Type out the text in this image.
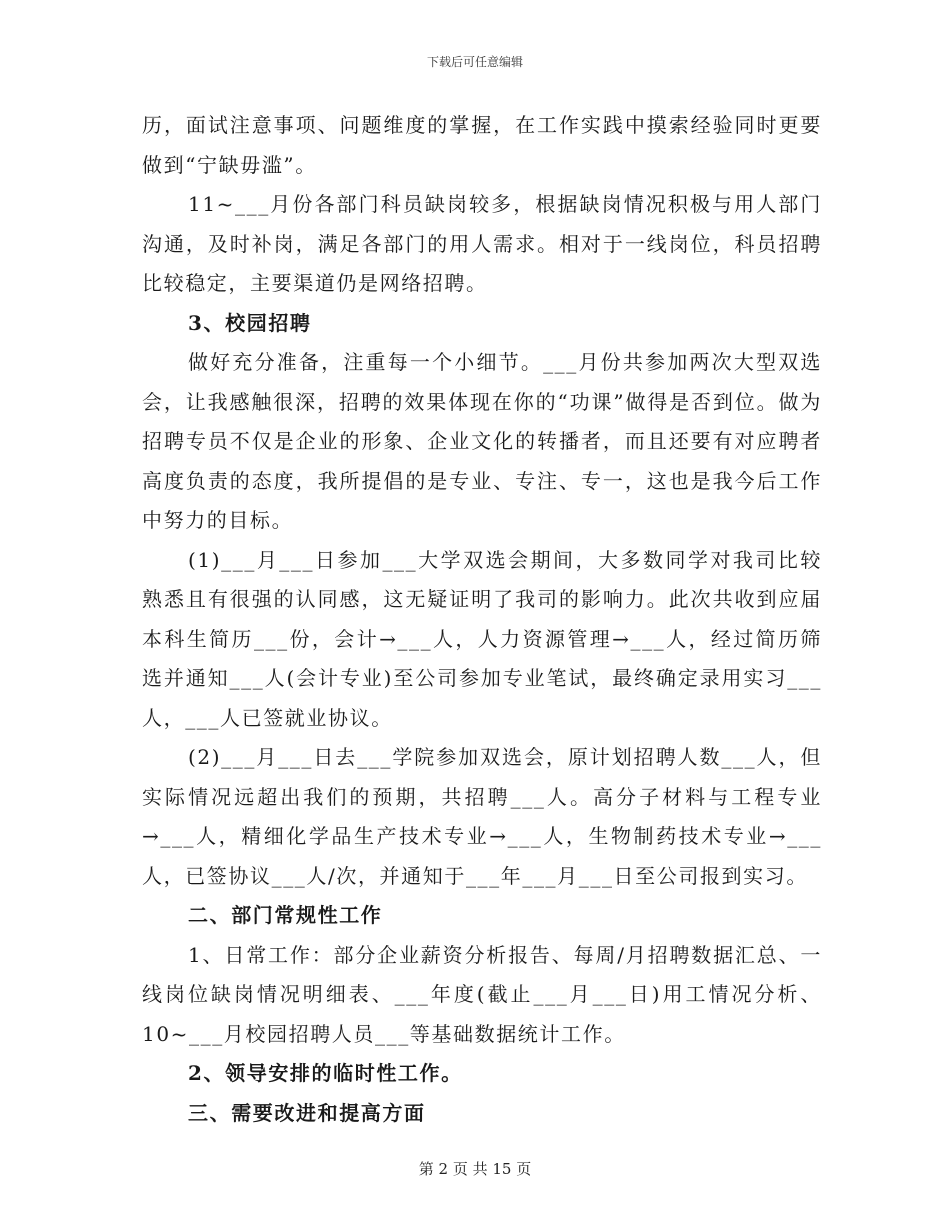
下载后可任意编辑

历，面试注意事项、问题维度的掌握，在工作实践中摸索经验同时更要做到“宁缺毋滥”。

11~___月份各部门科员缺岗较多，根据缺岗情况积极与用人部门沟通，及时补岗，满足各部门的用人需求。相对于一线岗位，科员招聘比较稳定，主要渠道仍是网络招聘。

3、校园招聘

做好充分准备，注重每一个小细节。___月份共参加两次大型双选会，让我感触很深，招聘的效果体现在你的“功课”做得是否到位。做为招聘专员不仅是企业的形象、企业文化的转播者，而且还要有对应聘者高度负责的态度，我所提倡的是专业、专注、专一，这也是我今后工作中努力的目标。

(1)___月___日参加___大学双选会期间，大多数同学对我司比较熟悉且有很强的认同感，这无疑证明了我司的影响力。此次共收到应届本科生简历___份，会计→___人，人力资源管理→___人，经过简历筛选并通知___人(会计专业)至公司参加专业笔试，最终确定录用实习___人，___人已签就业协议。

(2)___月___日去___学院参加双选会，原计划招聘人数___人，但实际情况远超出我们的预期，共招聘___人。高分子材料与工程专业→___人，精细化学品生产技术专业→___人，生物制药技术专业→___人，已签协议___人/次，并通知于___年___月___日至公司报到实习。

二、部门常规性工作

1、日常工作：部分企业薪资分析报告、每周/月招聘数据汇总、一线岗位缺岗情况明细表、___年度(截止___月___日)用工情况分析、10~___月校园招聘人员___等基础数据统计工作。

2、领导安排的临时性工作。

三、需要改进和提高方面

第 2 页 共 15 页
